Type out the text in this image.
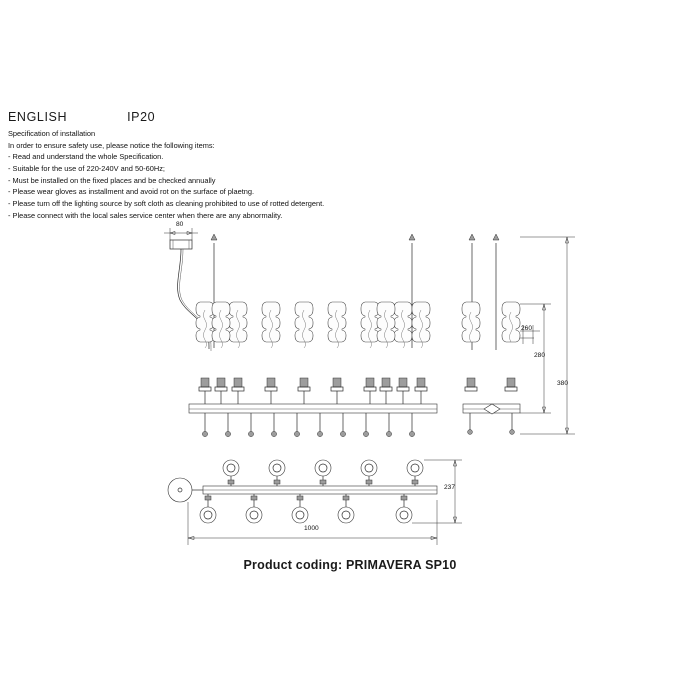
ENGLISH	IP20
Specification of installation
In order to ensure safety use, please notice the following items:
- Read and understand the whole Specification.
- Suitable for the use of 220-240V and 50-60Hz;
- Must be installed on the fixed places and be checked annually
- Please wear gloves as installment and avoid rot on the surface of plaetng.
- Please turn off the lighting source by soft cloth as cleaning prohibited to use of rotted detergent.
- Please connect with the local sales service center when there are any abnormality.
80
260
280
380
1000
237
Product coding: PRIMAVERA SP10
